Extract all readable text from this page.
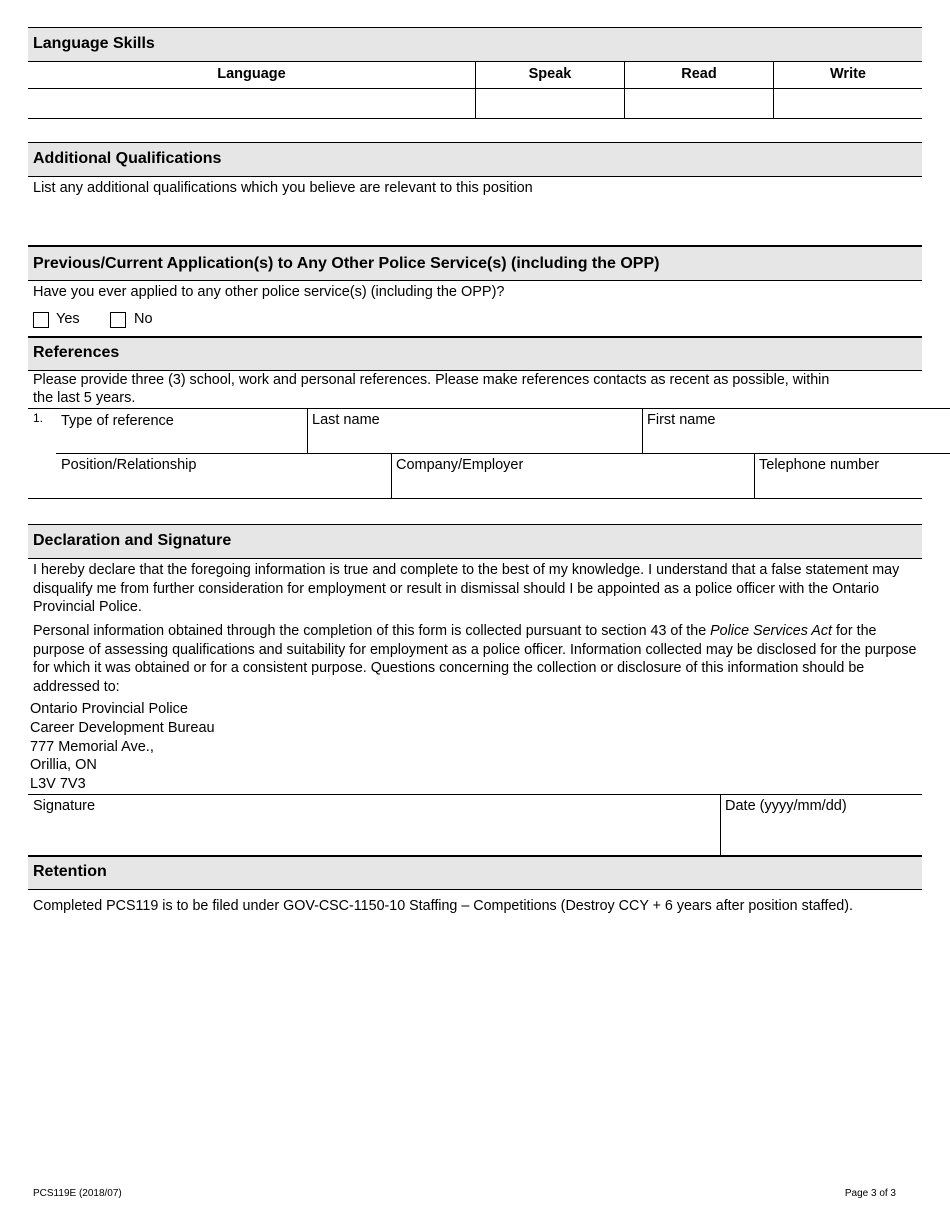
Language Skills
Language	Speak	Read	Write
Additional Qualifications
List any additional qualifications which you believe are relevant to this position
Previous/Current Application(s) to Any Other Police Service(s) (including the OPP)
Have you ever applied to any other police service(s) (including the OPP)?
Yes	No
References
Please provide three (3) school, work and personal references. Please make references contacts as recent as possible, within
the last 5 years.
1. Type of reference	Last name	First name
Position/Relationship	Company/Employer	Telephone number
Declaration and Signature
I hereby declare that the foregoing information is true and complete to the best of my knowledge. I understand that a false statement may disqualify me from further consideration for employment or result in dismissal should I be appointed as a police officer with the Ontario Provincial Police.
Personal information obtained through the completion of this form is collected pursuant to section 43 of the Police Services Act for the purpose of assessing qualifications and suitability for employment as a police officer. Information collected may be disclosed for the purpose for which it was obtained or for a consistent purpose. Questions concerning the collection or disclosure of this information should be addressed to:
Ontario Provincial Police
Career Development Bureau
777 Memorial Ave.,
Orillia, ON
L3V 7V3
Signature	Date (yyyy/mm/dd)
Retention
Completed PCS119 is to be filed under GOV-CSC-1150-10 Staffing – Competitions (Destroy CCY + 6 years after position staffed).
PCS119E (2018/07)	Page 3 of 3
